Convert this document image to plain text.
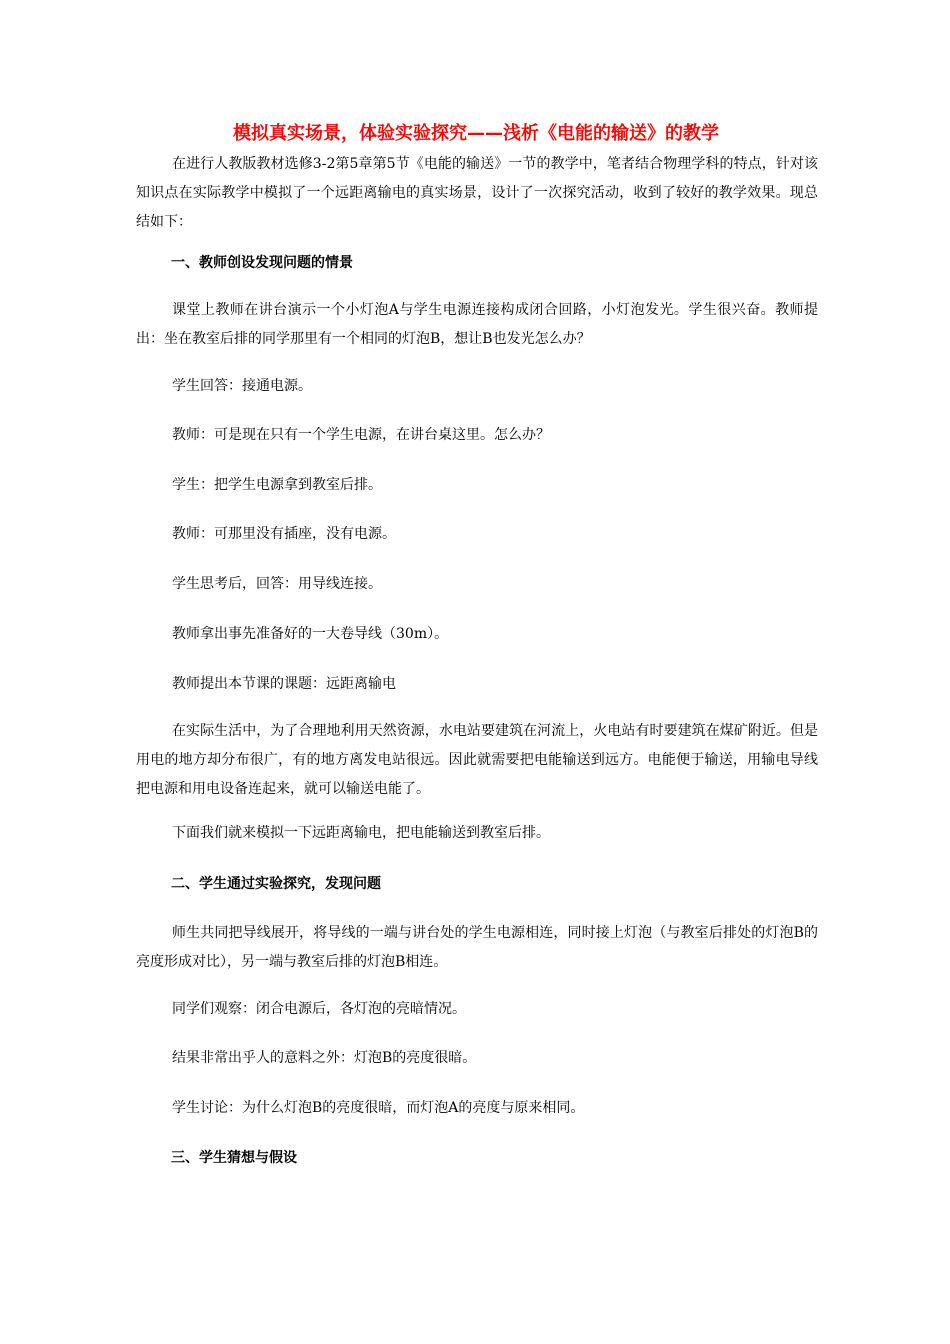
模拟真实场景，体验实验探究——浅析《电能的输送》的教学
在进行人教版教材选修3-2第5章第5节《电能的输送》一节的教学中，笔者结合物理学科的特点，针对该知识点在实际教学中模拟了一个远距离输电的真实场景，设计了一次探究活动，收到了较好的教学效果。现总结如下：
一、教师创设发现问题的情景
课堂上教师在讲台演示一个小灯泡A与学生电源连接构成闭合回路，小灯泡发光。学生很兴奋。教师提出：坐在教室后排的同学那里有一个相同的灯泡B，想让B也发光怎么办？
学生回答：接通电源。
教师：可是现在只有一个学生电源，在讲台桌这里。怎么办？
学生：把学生电源拿到教室后排。
教师：可那里没有插座，没有电源。
学生思考后，回答：用导线连接。
教师拿出事先准备好的一大卷导线（30m）。
教师提出本节课的课题：远距离输电
在实际生活中，为了合理地利用天然资源，水电站要建筑在河流上，火电站有时要建筑在煤矿附近。但是用电的地方却分布很广，有的地方离发电站很远。因此就需要把电能输送到远方。电能便于输送，用输电导线把电源和用电设备连起来，就可以输送电能了。
下面我们就来模拟一下远距离输电，把电能输送到教室后排。
二、学生通过实验探究，发现问题
师生共同把导线展开，将导线的一端与讲台处的学生电源相连，同时接上灯泡（与教室后排处的灯泡B的亮度形成对比），另一端与教室后排的灯泡B相连。
同学们观察：闭合电源后，各灯泡的亮暗情况。
结果非常出乎人的意料之外：灯泡B的亮度很暗。
学生讨论：为什么灯泡B的亮度很暗，而灯泡A的亮度与原来相同。
三、学生猜想与假设
